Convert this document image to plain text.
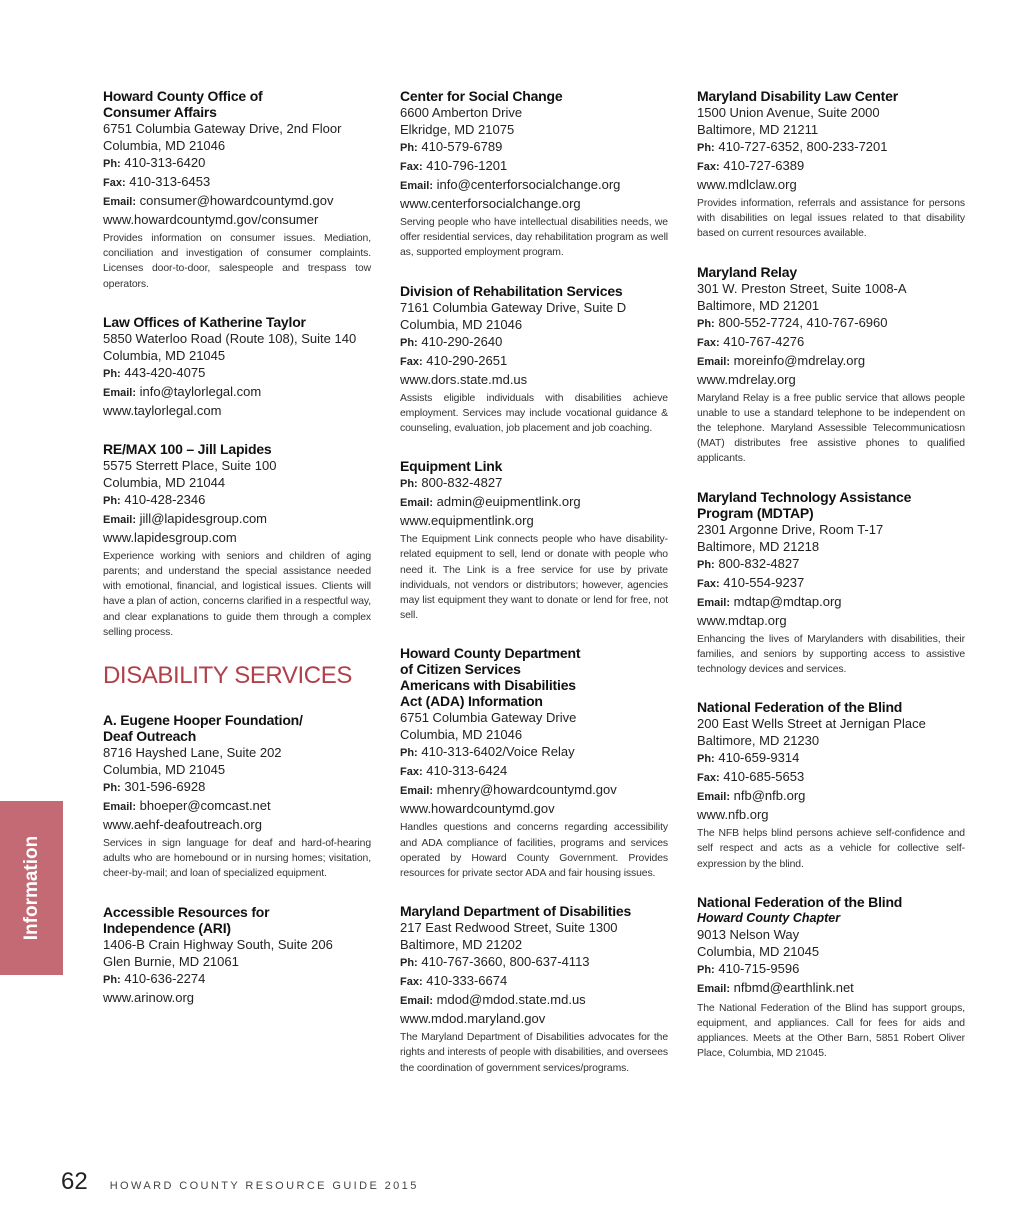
Howard County Office of
Consumer Affairs
6751 Columbia Gateway Drive, 2nd Floor
Columbia, MD 21046
Ph: 410-313-6420
Fax: 410-313-6453
Email: consumer@howardcountymd.gov
www.howardcountymd.gov/consumer
Provides information on consumer issues. Mediation, conciliation and investigation of consumer complaints. Licenses door-to-door, salespeople and trespass tow operators.
Law Offices of Katherine Taylor
5850 Waterloo Road (Route 108), Suite 140
Columbia, MD 21045
Ph: 443-420-4075
Email: info@taylorlegal.com
www.taylorlegal.com
RE/MAX 100 – Jill Lapides
5575 Sterrett Place, Suite 100
Columbia, MD 21044
Ph: 410-428-2346
Email: jill@lapidesgroup.com
www.lapidesgroup.com
Experience working with seniors and children of aging parents; and understand the special assistance needed with emotional, financial, and logistical issues. Clients will have a plan of action, concerns clarified in a respectful way, and clear explanations to guide them through a complex selling process.
DISABILITY SERVICES
A. Eugene Hooper Foundation/
Deaf Outreach
8716 Hayshed Lane, Suite 202
Columbia, MD 21045
Ph: 301-596-6928
Email: bhoeper@comcast.net
www.aehf-deafoutreach.org
Services in sign language for deaf and hard-of-hearing adults who are homebound or in nursing homes; visitation, cheer-by-mail; and loan of specialized equipment.
Accessible Resources for
Independence (ARI)
1406-B Crain Highway South, Suite 206
Glen Burnie, MD 21061
Ph: 410-636-2274
www.arinow.org
Center for Social Change
6600 Amberton Drive
Elkridge, MD 21075
Ph: 410-579-6789
Fax: 410-796-1201
Email: info@centerforsocialchange.org
www.centerforsocialchange.org
Serving people who have intellectual disabilities needs, we offer residential services, day rehabilitation program as well as, supported employment program.
Division of Rehabilitation Services
7161 Columbia Gateway Drive, Suite D
Columbia, MD 21046
Ph: 410-290-2640
Fax: 410-290-2651
www.dors.state.md.us
Assists eligible individuals with disabilities achieve employment. Services may include vocational guidance & counseling, evaluation, job placement and job coaching.
Equipment Link
Ph: 800-832-4827
Email: admin@euipmentlink.org
www.equipmentlink.org
The Equipment Link connects people who have disability-related equipment to sell, lend or donate with people who need it. The Link is a free service for use by private individuals, not vendors or distributors; however, agencies may list equipment they want to donate or lend for free, not sell.
Howard County Department
of Citizen Services
Americans with Disabilities
Act (ADA) Information
6751 Columbia Gateway Drive
Columbia, MD 21046
Ph: 410-313-6402/Voice Relay
Fax: 410-313-6424
Email: mhenry@howardcountymd.gov
www.howardcountymd.gov
Handles questions and concerns regarding accessibility and ADA compliance of facilities, programs and services operated by Howard County Government. Provides resources for private sector ADA and fair housing issues.
Maryland Department of Disabilities
217 East Redwood Street, Suite 1300
Baltimore, MD 21202
Ph: 410-767-3660, 800-637-4113
Fax: 410-333-6674
Email: mdod@mdod.state.md.us
www.mdod.maryland.gov
The Maryland Department of Disabilities advocates for the rights and interests of people with disabilities, and oversees the coordination of government services/programs.
Maryland Disability Law Center
1500 Union Avenue, Suite 2000
Baltimore, MD 21211
Ph: 410-727-6352, 800-233-7201
Fax: 410-727-6389
www.mdlclaw.org
Provides information, referrals and assistance for persons with disabilities on legal issues related to that disability based on current resources available.
Maryland Relay
301 W. Preston Street, Suite 1008-A
Baltimore, MD 21201
Ph: 800-552-7724, 410-767-6960
Fax: 410-767-4276
Email: moreinfo@mdrelay.org
www.mdrelay.org
Maryland Relay is a free public service that allows people unable to use a standard telephone to be independent on the telephone. Maryland Assessible Telecommunicatiosn (MAT) distributes free assistive phones to qualified applicants.
Maryland Technology Assistance
Program (MDTAP)
2301 Argonne Drive, Room T-17
Baltimore, MD 21218
Ph: 800-832-4827
Fax: 410-554-9237
Email: mdtap@mdtap.org
www.mdtap.org
Enhancing the lives of Marylanders with disabilities, their families, and seniors by supporting access to assistive technology devices and services.
National Federation of the Blind
200 East Wells Street at Jernigan Place
Baltimore, MD 21230
Ph: 410-659-9314
Fax: 410-685-5653
Email: nfb@nfb.org
www.nfb.org
The NFB helps blind persons achieve self-confidence and self respect and acts as a vehicle for collective self-expression by the blind.
National Federation of the Blind
Howard County Chapter
9013 Nelson Way
Columbia, MD 21045
Ph: 410-715-9596
Email: nfbmd@earthlink.net
The National Federation of the Blind has support groups, equipment, and appliances. Call for fees for aids and appliances. Meets at the Other Barn, 5851 Robert Oliver Place, Columbia, MD 21045.
Information
62 HOWARD COUNTY RESOURCE GUIDE 2015
